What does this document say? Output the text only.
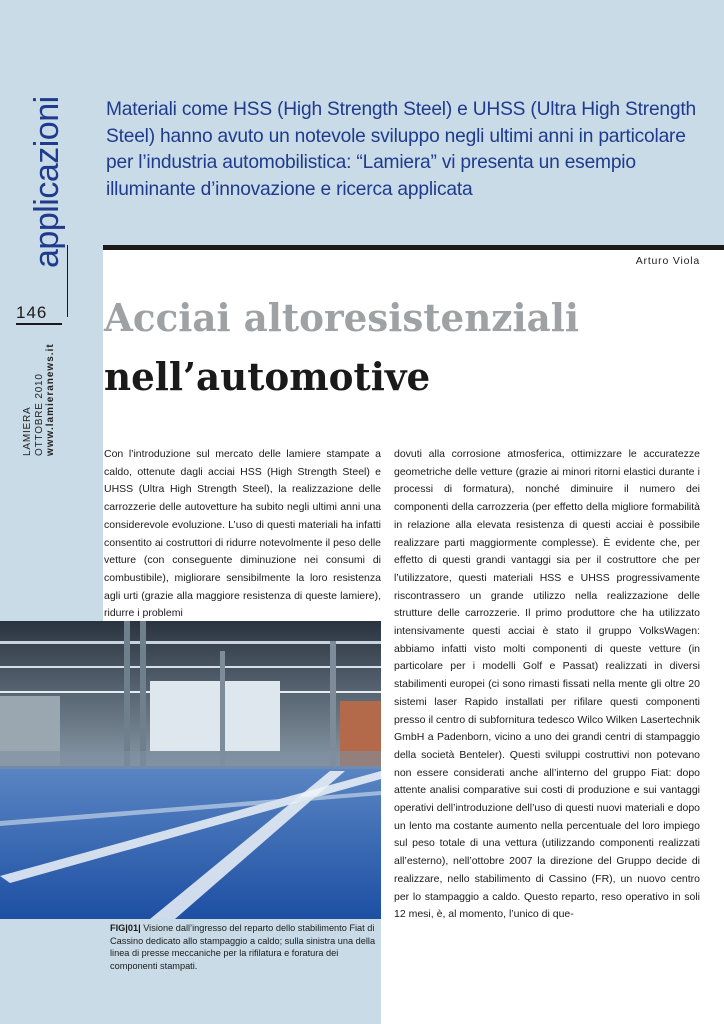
Materiali come HSS (High Strength Steel) e UHSS (Ultra High Strength Steel) hanno avuto un notevole sviluppo negli ultimi anni in particolare per l’industria automobilistica: “Lamiera” vi presenta un esempio illuminante d’innovazione e ricerca applicata
Arturo Viola
Acciai altoresistenziali
nell’automotive
applicazioni
146
LAMIERA OTTOBRE 2010 www.lamieranews.it	Con l’introduzione sul mercato delle lamiere stampate a caldo, ottenute dagli acciai HSS (High Strength Steel) e UHSS (Ultra High Strength Steel), la realizzazione delle carrozzerie delle autovetture ha subito negli ultimi anni una considerevole evoluzione. L’uso di questi materiali ha infatti consentito ai costruttori di ridurre notevolmente il peso delle vetture (con conseguente diminuzione nei consumi di combustibile), migliorare sensibilmente la loro resistenza agli urti (grazie alla maggiore resistenza di queste lamiere), ridurre i problemi
dovuti alla corrosione atmosferica, ottimizzare le accuratezze geometriche delle vetture (grazie ai minori ritorni elastici durante i processi di formatura), nonché diminuire il numero dei componenti della carrozzeria (per effetto della migliore formabilità in relazione alla elevata resistenza di questi acciai è possibile realizzare parti maggiormente complesse). È evidente che, per effetto di questi grandi vantaggi sia per il costruttore che per l’utilizzatore, questi materiali HSS e UHSS progressivamente riscontrassero un grande utilizzo nella realizzazione delle strutture delle carrozzerie. Il primo produttore che ha utilizzato intensivamente questi acciai è stato il gruppo VolksWagen: abbiamo infatti visto molti componenti di queste vetture (in particolare per i modelli Golf e Passat) realizzati in diversi stabilimenti europei (ci sono rimasti fissati nella mente gli oltre 20 sistemi laser Rapido installati per rifilare questi componenti presso il centro di subfornitura tedesco Wilco Wilken Lasertechnik GmbH a Padenborn, vicino a uno dei grandi centri di stampaggio della società Benteler). Questi sviluppi costruttivi non potevano non essere considerati anche all’interno del gruppo Fiat: dopo attente analisi comparative sui costi di produzione e sui vantaggi operativi dell’introduzione dell’uso di questi nuovi materiali e dopo un lento ma costante aumento nella percentuale del loro impiego sul peso totale di una vettura (utilizzando componenti realizzati all’esterno), nell’ottobre 2007 la direzione del Gruppo decide di realizzare, nello stabilimento di Cassino (FR), un nuovo centro per lo stampaggio a caldo. Questo reparto, reso operativo in soli 12 mesi, è, al momento, l’unico di que-
FIG|01| Visione dall’ingresso del reparto dello stabilimento Fiat di Cassino dedicato allo stampaggio a caldo; sulla sinistra una della linea di presse meccaniche per la rifilatura e foratura dei componenti stampati.
